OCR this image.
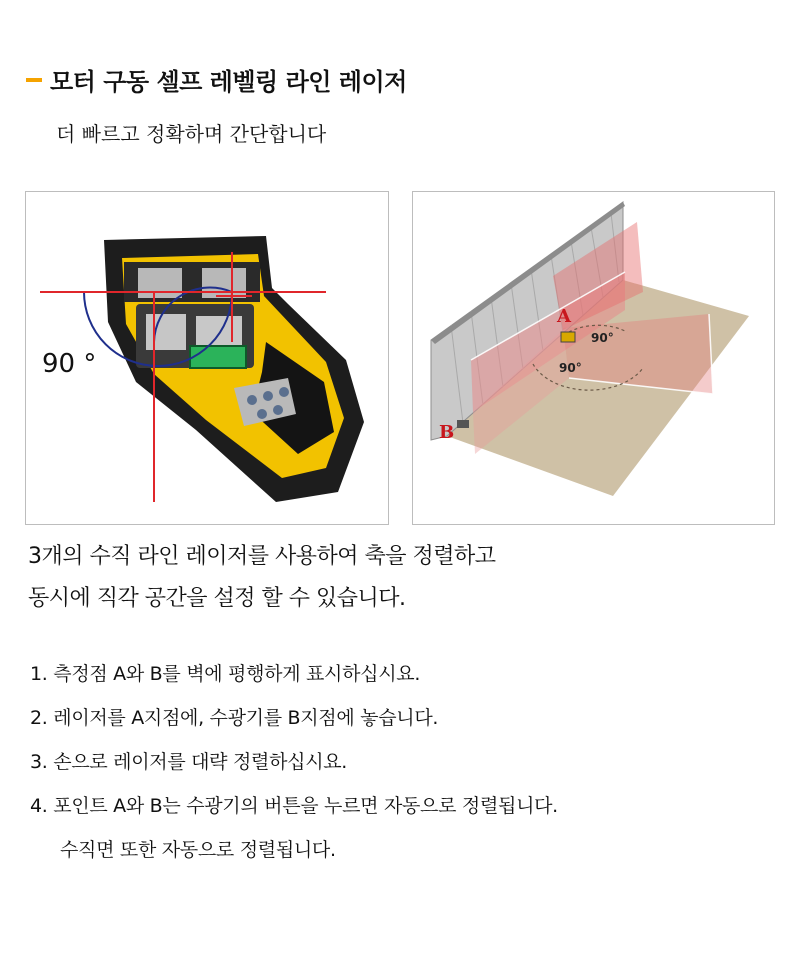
모터 구동 셀프 레벨링 라인 레이저
더 빠르고 정확하며 간단합니다
90 °
A
B
90°
90°
3개의 수직 라인 레이저를 사용하여 축을 정렬하고
동시에 직각 공간을 설정 할 수 있습니다.
1. 측정점 A와 B를 벽에 평행하게 표시하십시요.
2. 레이저를 A지점에, 수광기를 B지점에 놓습니다.
3. 손으로 레이저를 대략 정렬하십시요.
4. 포인트 A와 B는 수광기의 버튼을 누르면 자동으로 정렬됩니다.
수직면 또한 자동으로 정렬됩니다.
